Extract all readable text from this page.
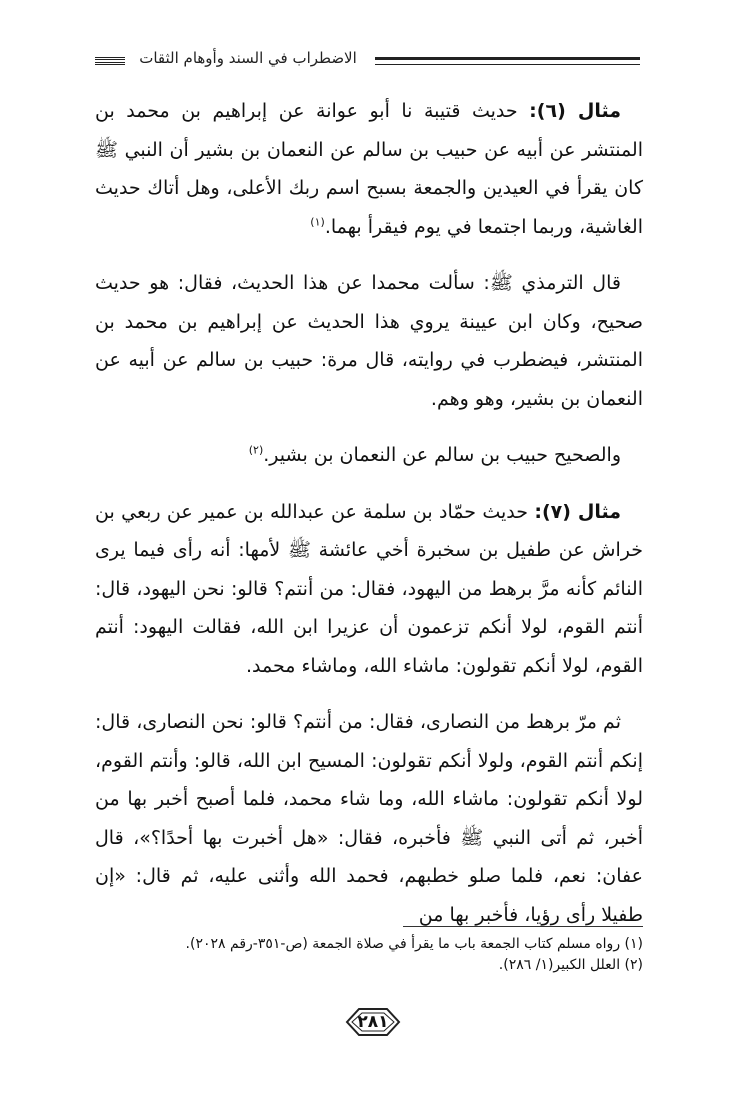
الاضطراب في السند وأوهام الثقات

مثال (٦): حديث قتيبة نا أبو عوانة عن إبراهيم بن محمد بن المنتشر عن أبيه عن حبيب بن سالم عن النعمان بن بشير أن النبي ﷺ كان يقرأ في العيدين والجمعة بسبح اسم ربك الأعلى، وهل أتاك حديث الغاشية، وربما اجتمعا في يوم فيقرأ بهما.$^{(١)}$

قال الترمذي ﷺ: سألت محمدا عن هذا الحديث، فقال: هو حديث صحيح، وكان ابن عيينة يروي هذا الحديث عن إبراهيم بن محمد بن المنتشر، فيضطرب في روايته، قال مرة: حبيب بن سالم عن أبيه عن النعمان بن بشير، وهو وهم.

والصحيح حبيب بن سالم عن النعمان بن بشير.$^{(٢)}$

مثال (٧): حديث حمّاد بن سلمة عن عبدالله بن عمير عن ربعي بن خراش عن طفيل بن سخبرة أخي عائشة ﷺ لأمها: أنه رأى فيما يرى النائم كأنه مرَّ برهط من اليهود، فقال: من أنتم؟ قالو: نحن اليهود، قال: أنتم القوم، لولا أنكم تزعمون أن عزيرا ابن الله، فقالت اليهود: أنتم القوم، لولا أنكم تقولون: ماشاء الله، وماشاء محمد.

ثم مرّ برهط من النصارى، فقال: من أنتم؟ قالو: نحن النصارى، قال: إنكم أنتم القوم، ولولا أنكم تقولون: المسيح ابن الله، قالو: وأنتم القوم، لولا أنكم تقولون: ماشاء الله، وما شاء محمد، فلما أصبح أخبر بها من أخبر، ثم أتى النبي ﷺ فأخبره، فقال: «هل أخبرت بها أحدًا؟»، قال عفان: نعم، فلما صلو خطبهم، فحمد الله وأثنى عليه، ثم قال: «إن طفيلا رأى رؤيا، فأخبر بها من

(١) رواه مسلم كتاب الجمعة باب ما يقرأ في صلاة الجمعة (ص-٣٥١-رقم ٢٠٢٨).
(٢) العلل الكبير(١/ ٢٨٦).
٢٨١
